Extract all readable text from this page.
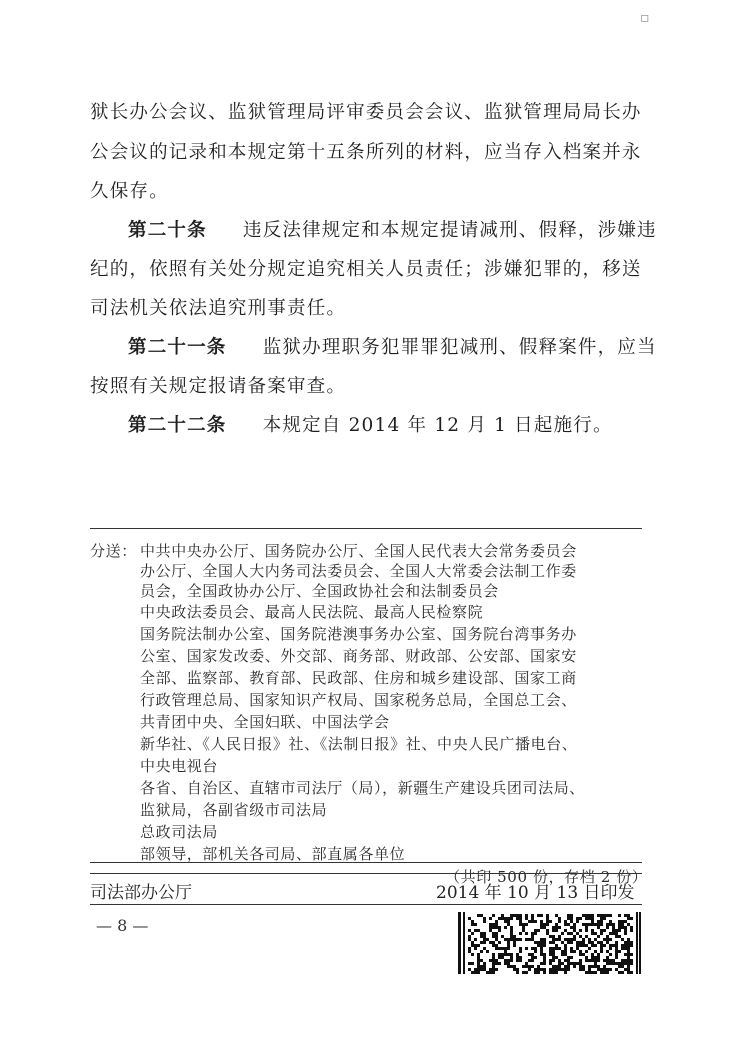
▫
狱长办公会议、监狱管理局评审委员会会议、监狱管理局局长办
公会议的记录和本规定第十五条所列的材料，应当存入档案并永
久保存。
第二十条 违反法律规定和本规定提请减刑、假释，涉嫌违
纪的，依照有关处分规定追究相关人员责任；涉嫌犯罪的，移送
司法机关依法追究刑事责任。
第二十一条 监狱办理职务犯罪罪犯减刑、假释案件，应当
按照有关规定报请备案审查。
第二十二条 本规定自 2014 年 12 月 1 日起施行。
分送： 中共中央办公厅、国务院办公厅、全国人民代表大会常务委员会
办公厅、全国人大内务司法委员会、全国人大常委会法制工作委
员会，全国政协办公厅、全国政协社会和法制委员会
中央政法委员会、最高人民法院、最高人民检察院
国务院法制办公室、国务院港澳事务办公室、国务院台湾事务办
公室、国家发改委、外交部、商务部、财政部、公安部、国家安
全部、监察部、教育部、民政部、住房和城乡建设部、国家工商
行政管理总局、国家知识产权局、国家税务总局，全国总工会、
共青团中央、全国妇联、中国法学会
新华社、《人民日报》社、《法制日报》社、中央人民广播电台、
中央电视台
各省、自治区、直辖市司法厅（局），新疆生产建设兵团司法局、
监狱局，各副省级市司法局
总政司法局
部领导，部机关各司局、部直属各单位
（共印 500 份，存档 2 份）
司法部办公厅	2014 年 10 月 13 日印发
— 8 —
